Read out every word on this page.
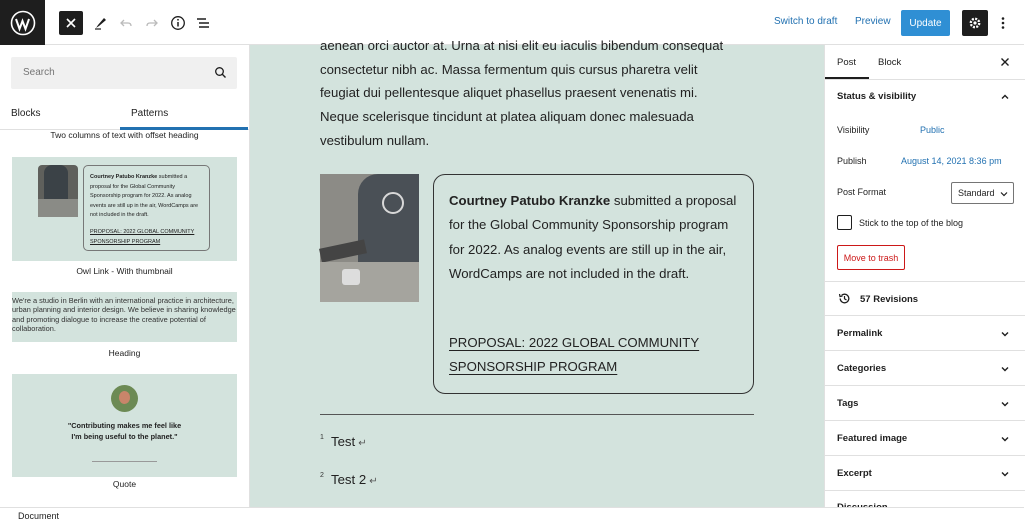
Switch to draft Preview	Update
Search
Blocks	Patterns
Two columns of text with offset heading
Courtney Patubo Kranzke submitted a proposal for the Global Community Sponsorship program for 2022. As analog events are still up in the air, WordCamps are not included in the draft.
PROPOSAL: 2022 GLOBAL COMMUNITY SPONSORSHIP PROGRAM
Owl Link - With thumbnail
We're a studio in Berlin with an international practice in architecture, urban planning and interior design. We believe in sharing knowledge and promoting dialogue to increase the creative potential of collaboration.
Heading
"Contributing makes me feel like I'm being useful to the planet."
Quote
aenean orci auctor at. Urna at nisi elit eu iaculis bibendum consequat
consectetur nibh ac. Massa fermentum quis cursus pharetra velit
feugiat dui pellentesque aliquet phasellus praesent venenatis mi.
Neque scelerisque tincidunt at platea aliquam donec malesuada
vestibulum nullam.
Courtney Patubo Kranzke submitted a proposal for the Global Community Sponsorship program for 2022. As analog events are still up in the air, WordCamps are not included in the draft.
PROPOSAL: 2022 GLOBAL COMMUNITY SPONSORSHIP PROGRAM
1 Test ↵
2 Test 2 ↵
Post Block
Status & visibility
Visibility	Public
Publish	August 14, 2021 8:36 pm
Post Format	Standard
Stick to the top of the blog
Move to trash
57 Revisions
Permalink
Categories
Tags
Featured image
Excerpt
Document
